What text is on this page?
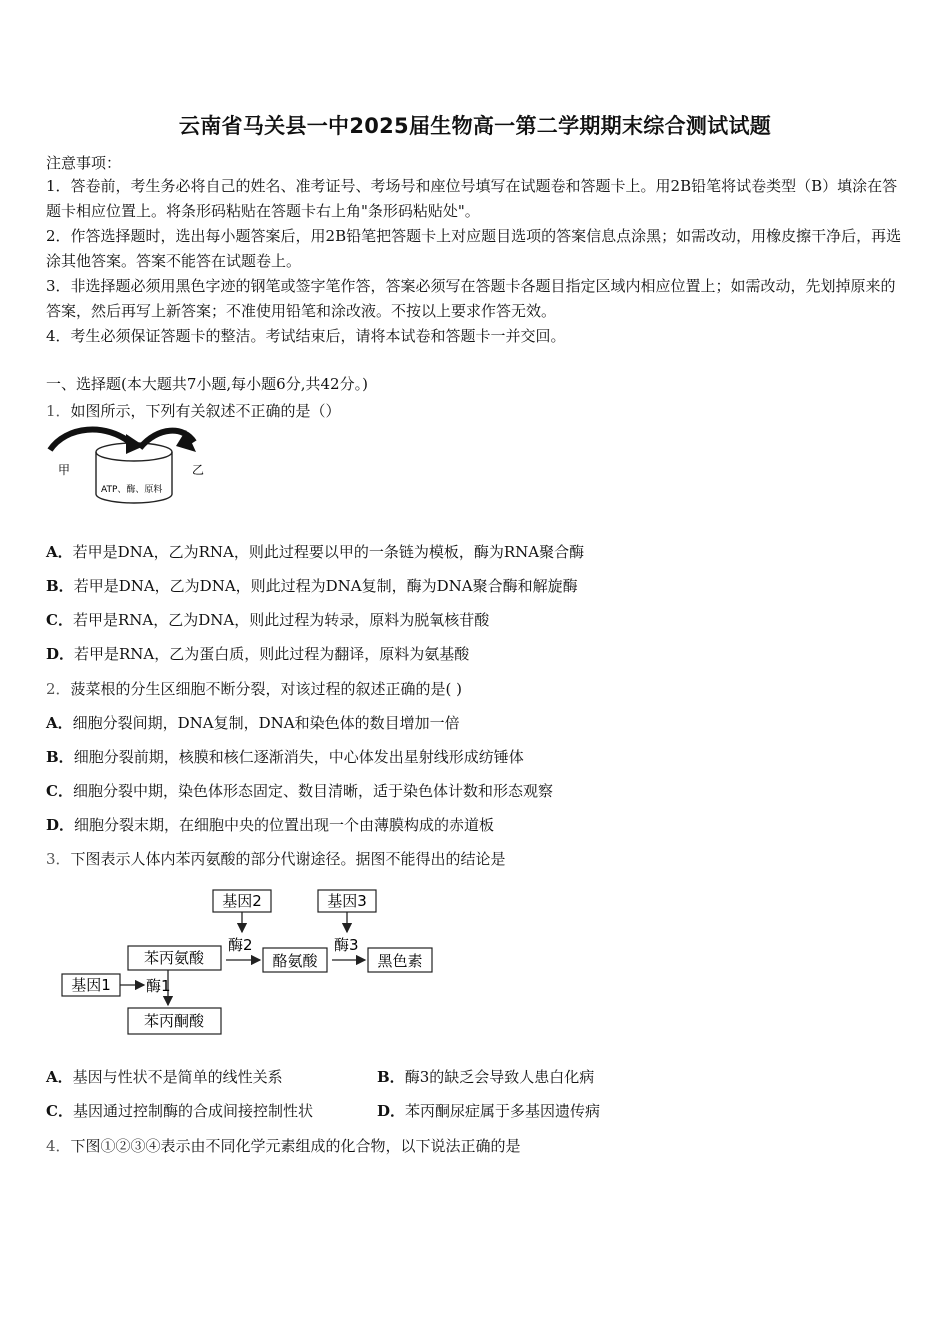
云南省马关县一中2025届生物高一第二学期期末综合测试试题
注意事项：
1．答卷前，考生务必将自己的姓名、准考证号、考场号和座位号填写在试题卷和答题卡上。用2B铅笔将试卷类型（B）填涂在答题卡相应位置上。将条形码粘贴在答题卡右上角"条形码粘贴处"。
2．作答选择题时，选出每小题答案后，用2B铅笔把答题卡上对应题目选项的答案信息点涂黑；如需改动，用橡皮擦干净后，再选涂其他答案。答案不能答在试题卷上。
3．非选择题必须用黑色字迹的钢笔或签字笔作答，答案必须写在答题卡各题目指定区域内相应位置上；如需改动，先划掉原来的答案，然后再写上新答案；不准使用铅笔和涂改液。不按以上要求作答无效。
4．考生必须保证答题卡的整洁。考试结束后，请将本试卷和答题卡一并交回。
一、选择题(本大题共7小题,每小题6分,共42分。)
1．如图所示，下列有关叙述不正确的是（）
甲	乙
ATP、酶、原料
A．若甲是DNA，乙为RNA，则此过程要以甲的一条链为模板，酶为RNA聚合酶
B．若甲是DNA，乙为DNA，则此过程为DNA复制，酶为DNA聚合酶和解旋酶
C．若甲是RNA，乙为DNA，则此过程为转录，原料为脱氧核苷酸
D．若甲是RNA，乙为蛋白质，则此过程为翻译，原料为氨基酸
2．菠菜根的分生区细胞不断分裂，对该过程的叙述正确的是( )
A．细胞分裂间期，DNA复制，DNA和染色体的数目增加一倍
B．细胞分裂前期，核膜和核仁逐渐消失，中心体发出星射线形成纺锤体
C．细胞分裂中期，染色体形态固定、数目清晰，适于染色体计数和形态观察
D．细胞分裂末期，在细胞中央的位置出现一个由薄膜构成的赤道板
3．下图表示人体内苯丙氨酸的部分代谢途径。据图不能得出的结论是
基因2	基因3
苯丙氨酸	酪氨酸	黑色素
基因1
苯丙酮酸
酶2	酶3
酶1
A．基因与性状不是简单的线性关系	B．酶3的缺乏会导致人患白化病
C．基因通过控制酶的合成间接控制性状	D．苯丙酮尿症属于多基因遗传病
4．下图①②③④表示由不同化学元素组成的化合物，以下说法正确的是
